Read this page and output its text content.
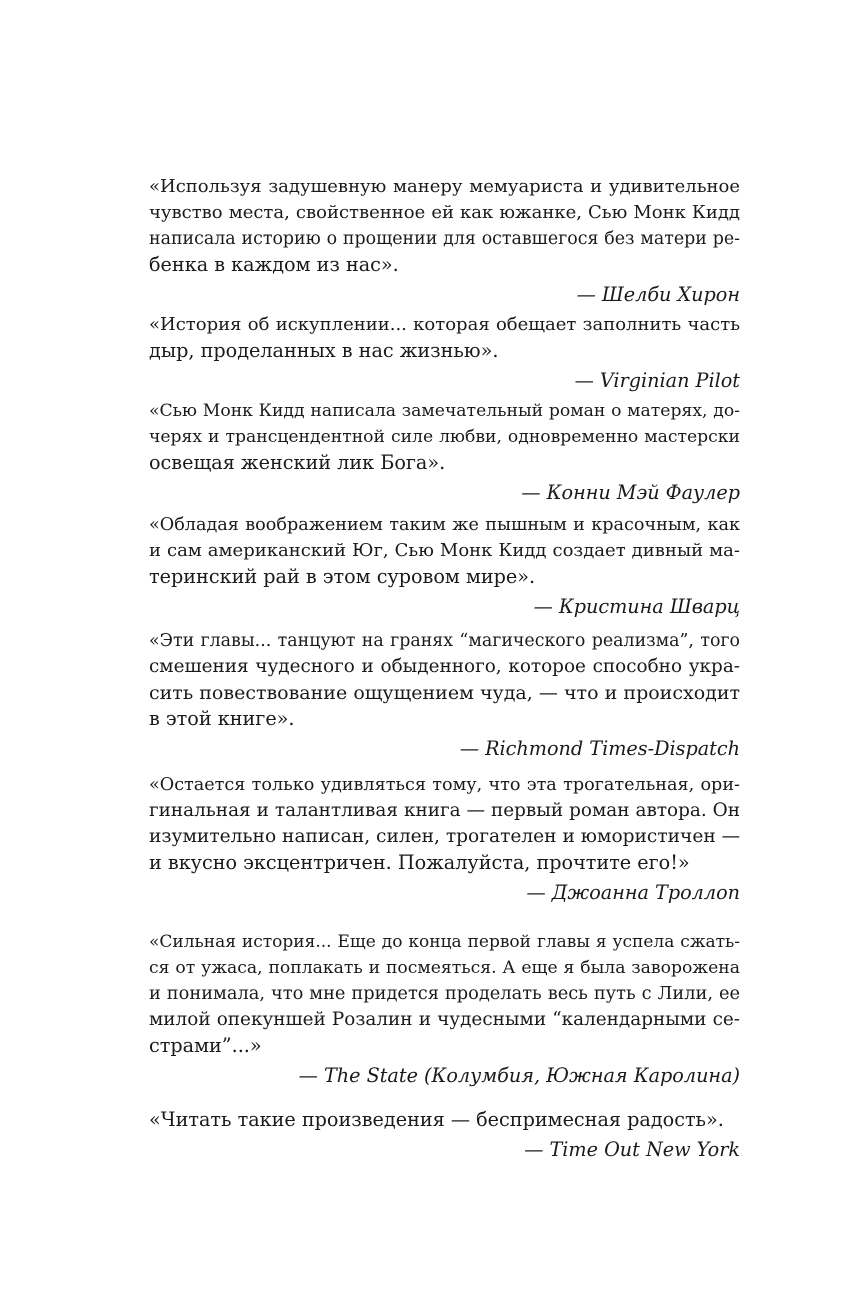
«Используя задушевную манеру мемуариста и удивительное
чувство места, свойственное ей как южанке, Сью Монк Кидд
написала историю о прощении для оставшегося без матери ре-
бенка в каждом из нас».
— Шелби Хирон
«История об искуплении... которая обещает заполнить часть
дыр, проделанных в нас жизнью».
— Virginian Pilot
«Сью Монк Кидд написала замечательный роман о матерях, до-
черях и трансцендентной силе любви, одновременно мастерски
освещая женский лик Бога».
— Конни Мэй Фаулер
«Обладая воображением таким же пышным и красочным, как
и сам американский Юг, Сью Монк Кидд создает дивный ма-
теринский рай в этом суровом мире».
— Кристина Шварц
«Эти главы... танцуют на гранях “магического реализма”, того
смешения чудесного и обыденного, которое способно укра-
сить повествование ощущением чуда, — что и происходит
в этой книге».
— Richmond Times-Dispatch
«Остается только удивляться тому, что эта трогательная, ори-
гинальная и талантливая книга — первый роман автора. Он
изумительно написан, силен, трогателен и юмористичен —
и вкусно эксцентричен. Пожалуйста, прочтите его!»
— Джоанна Троллоп
«Сильная история... Еще до конца первой главы я успела сжать-
ся от ужаса, поплакать и посмеяться. А еще я была заворожена
и понимала, что мне придется проделать весь путь с Лили, ее
милой опекуншей Розалин и чудесными “календарными се-
страми”...»
— The State (Колумбия, Южная Каролина)
«Читать такие произведения — беспримесная радость».
— Time Out New York
